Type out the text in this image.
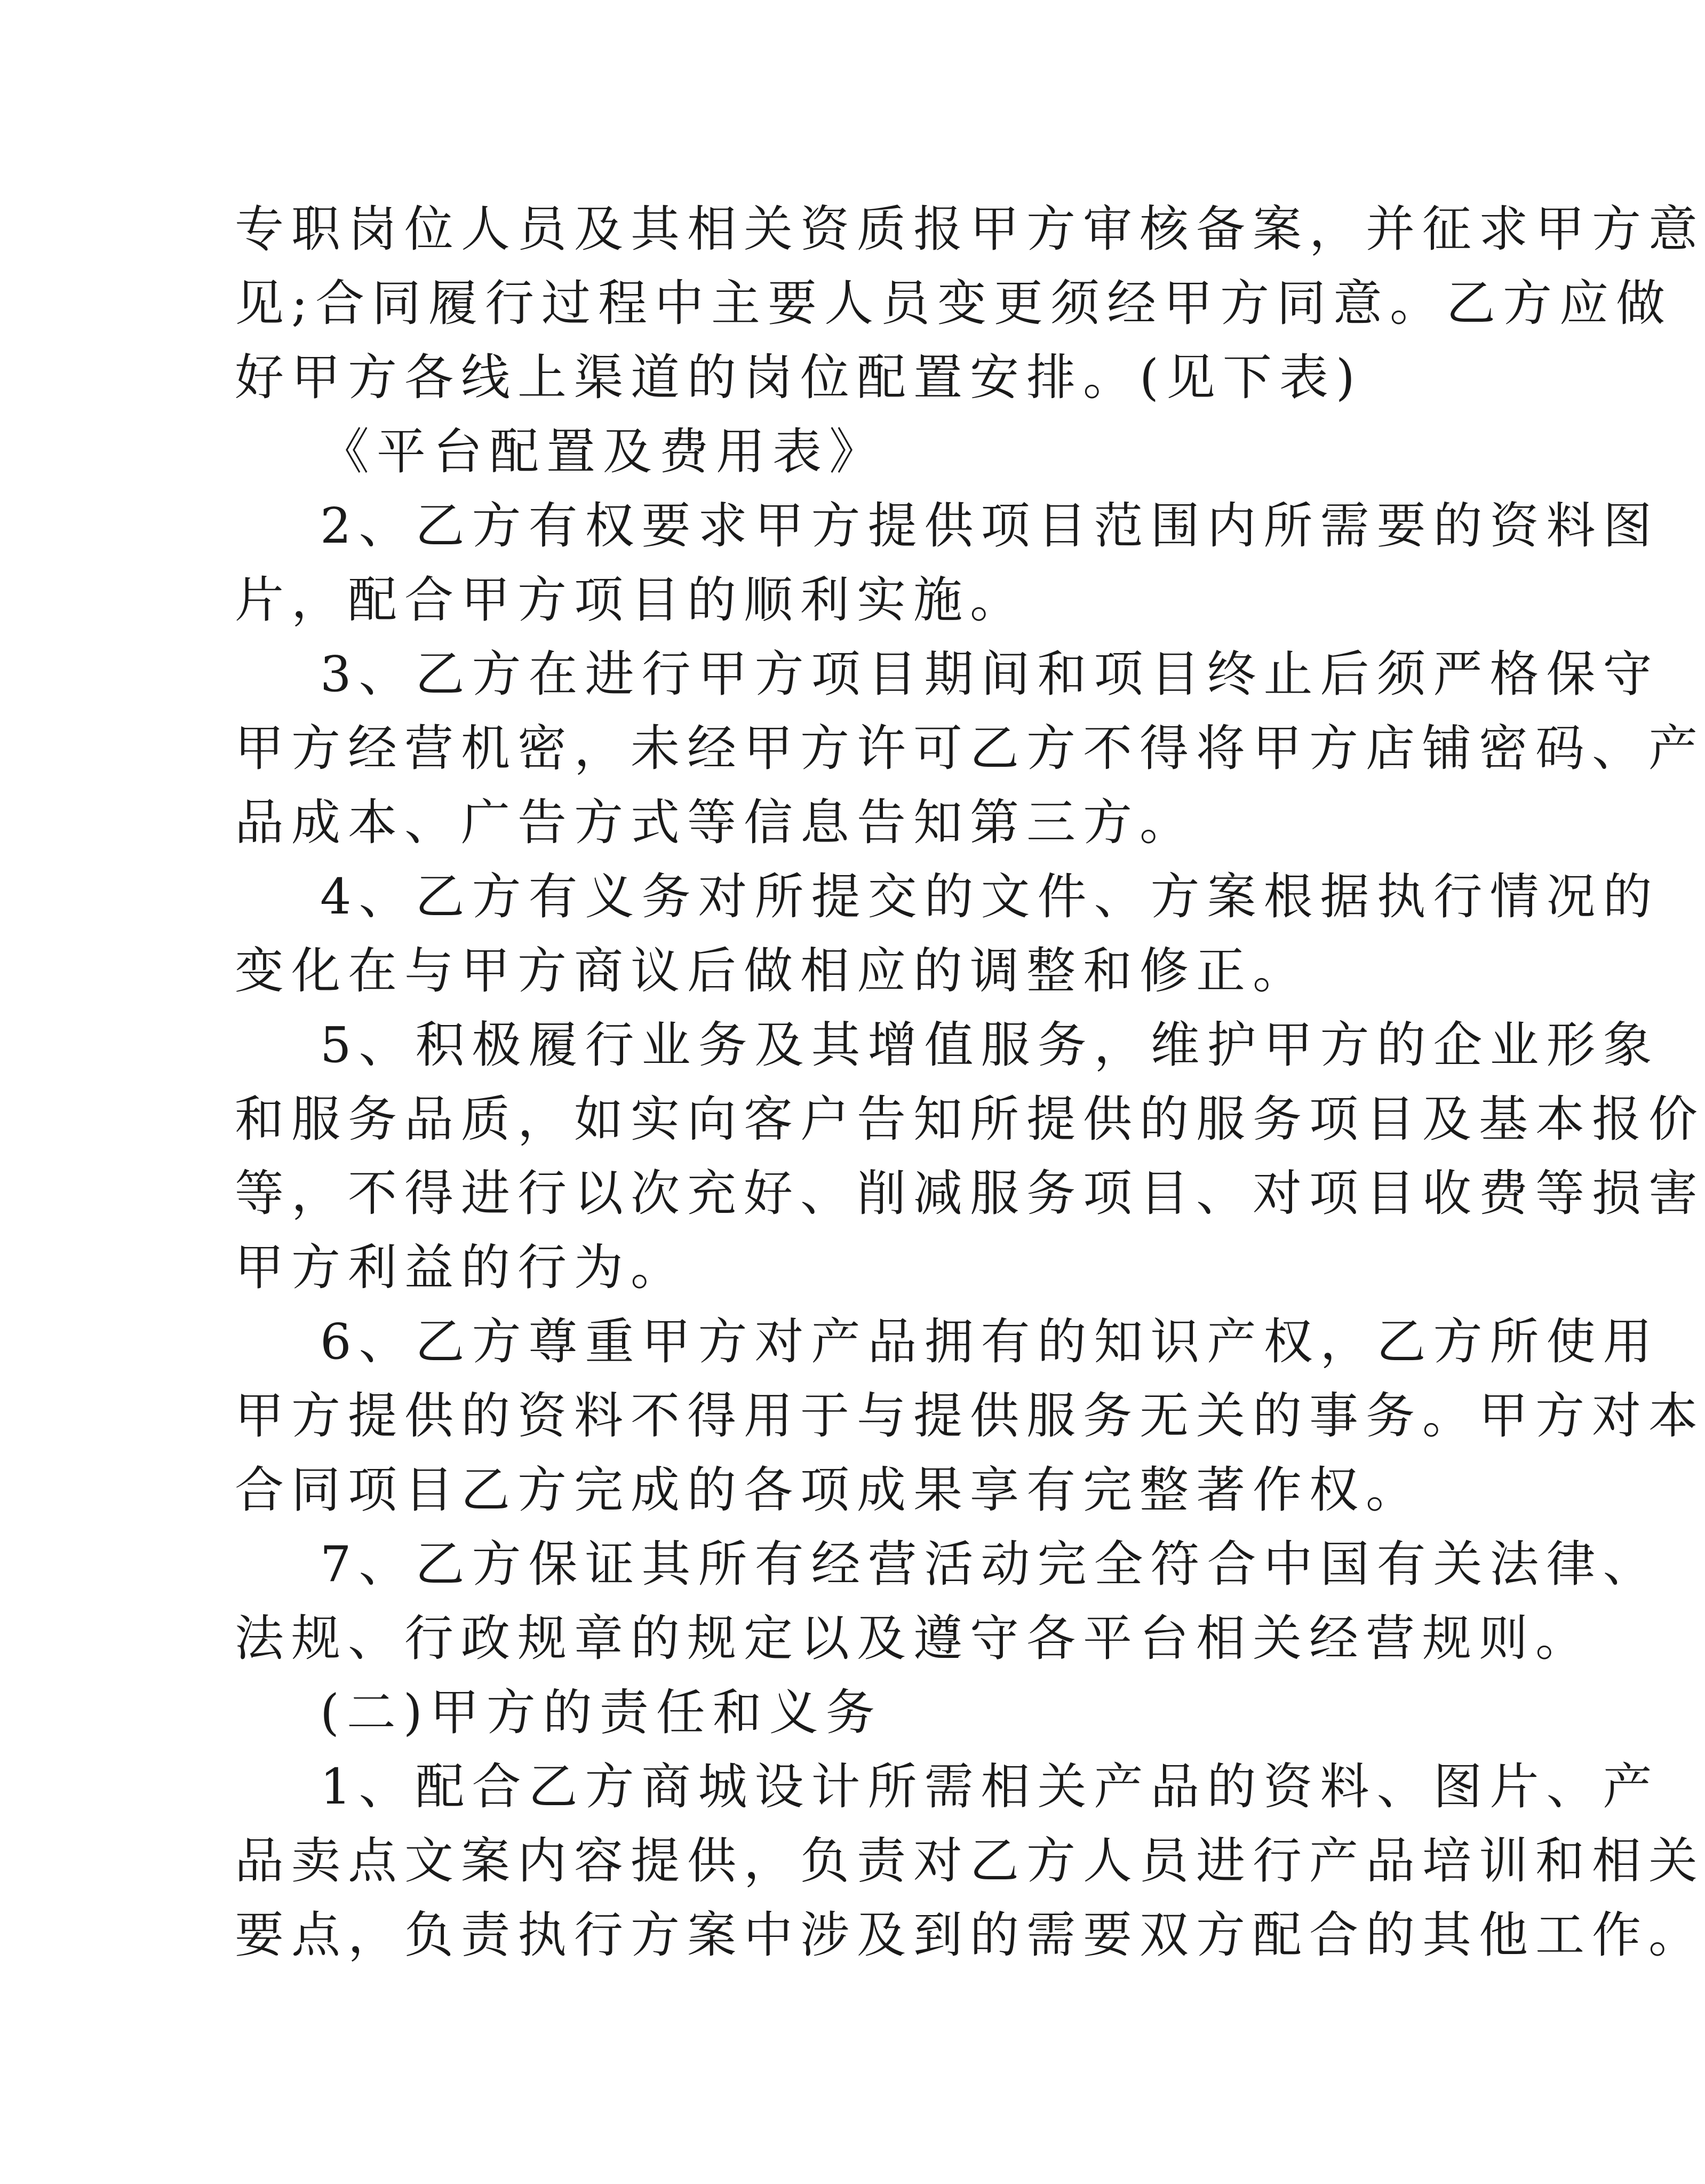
专职岗位人员及其相关资质报甲方审核备案，并征求甲方意
见;合同履行过程中主要人员变更须经甲方同意。乙方应做
好甲方各线上渠道的岗位配置安排。(见下表)
《平台配置及费用表》
2、乙方有权要求甲方提供项目范围内所需要的资料图
片，配合甲方项目的顺利实施。
3、乙方在进行甲方项目期间和项目终止后须严格保守
甲方经营机密，未经甲方许可乙方不得将甲方店铺密码、产
品成本、广告方式等信息告知第三方。
4、乙方有义务对所提交的文件、方案根据执行情况的
变化在与甲方商议后做相应的调整和修正。
5、积极履行业务及其增值服务，维护甲方的企业形象
和服务品质，如实向客户告知所提供的服务项目及基本报价
等，不得进行以次充好、削减服务项目、对项目收费等损害
甲方利益的行为。
6、乙方尊重甲方对产品拥有的知识产权，乙方所使用
甲方提供的资料不得用于与提供服务无关的事务。甲方对本
合同项目乙方完成的各项成果享有完整著作权。
7、乙方保证其所有经营活动完全符合中国有关法律、
法规、行政规章的规定以及遵守各平台相关经营规则。
(二)甲方的责任和义务
1、配合乙方商城设计所需相关产品的资料、图片、产
品卖点文案内容提供，负责对乙方人员进行产品培训和相关
要点，负责执行方案中涉及到的需要双方配合的其他工作。
